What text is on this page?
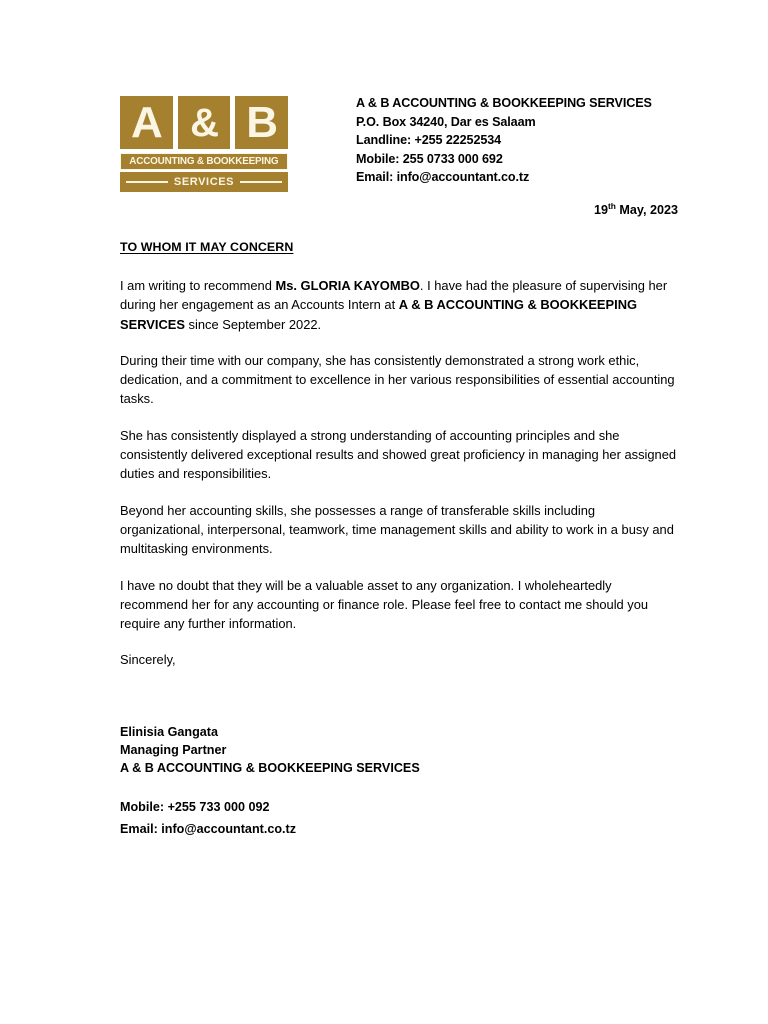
A & B
ACCOUNTING & BOOKKEEPING
SERVICES
A & B ACCOUNTING & BOOKKEEPING SERVICES
P.O. Box 34240, Dar es Salaam
Landline: +255 22252534
Mobile: 255 0733 000 692
Email: info@accountant.co.tz
19th May, 2023

TO WHOM IT MAY CONCERN

I am writing to recommend Ms. GLORIA KAYOMBO. I have had the pleasure of supervising her during her engagement as an Accounts Intern at A & B ACCOUNTING & BOOKKEEPING SERVICES since September 2022.

During their time with our company, she has consistently demonstrated a strong work ethic, dedication, and a commitment to excellence in her various responsibilities of essential accounting tasks.

She has consistently displayed a strong understanding of accounting principles and she consistently delivered exceptional results and showed great proficiency in managing her assigned duties and responsibilities.

Beyond her accounting skills, she possesses a range of transferable skills including organizational, interpersonal, teamwork, time management skills and ability to work in a busy and multitasking environments.

I have no doubt that they will be a valuable asset to any organization. I wholeheartedly recommend her for any accounting or finance role. Please feel free to contact me should you require any further information.

Sincerely,

Elinisia Gangata
Managing Partner
A & B ACCOUNTING & BOOKKEEPING SERVICES
Mobile: +255 733 000 092
Email: info@accountant.co.tz
